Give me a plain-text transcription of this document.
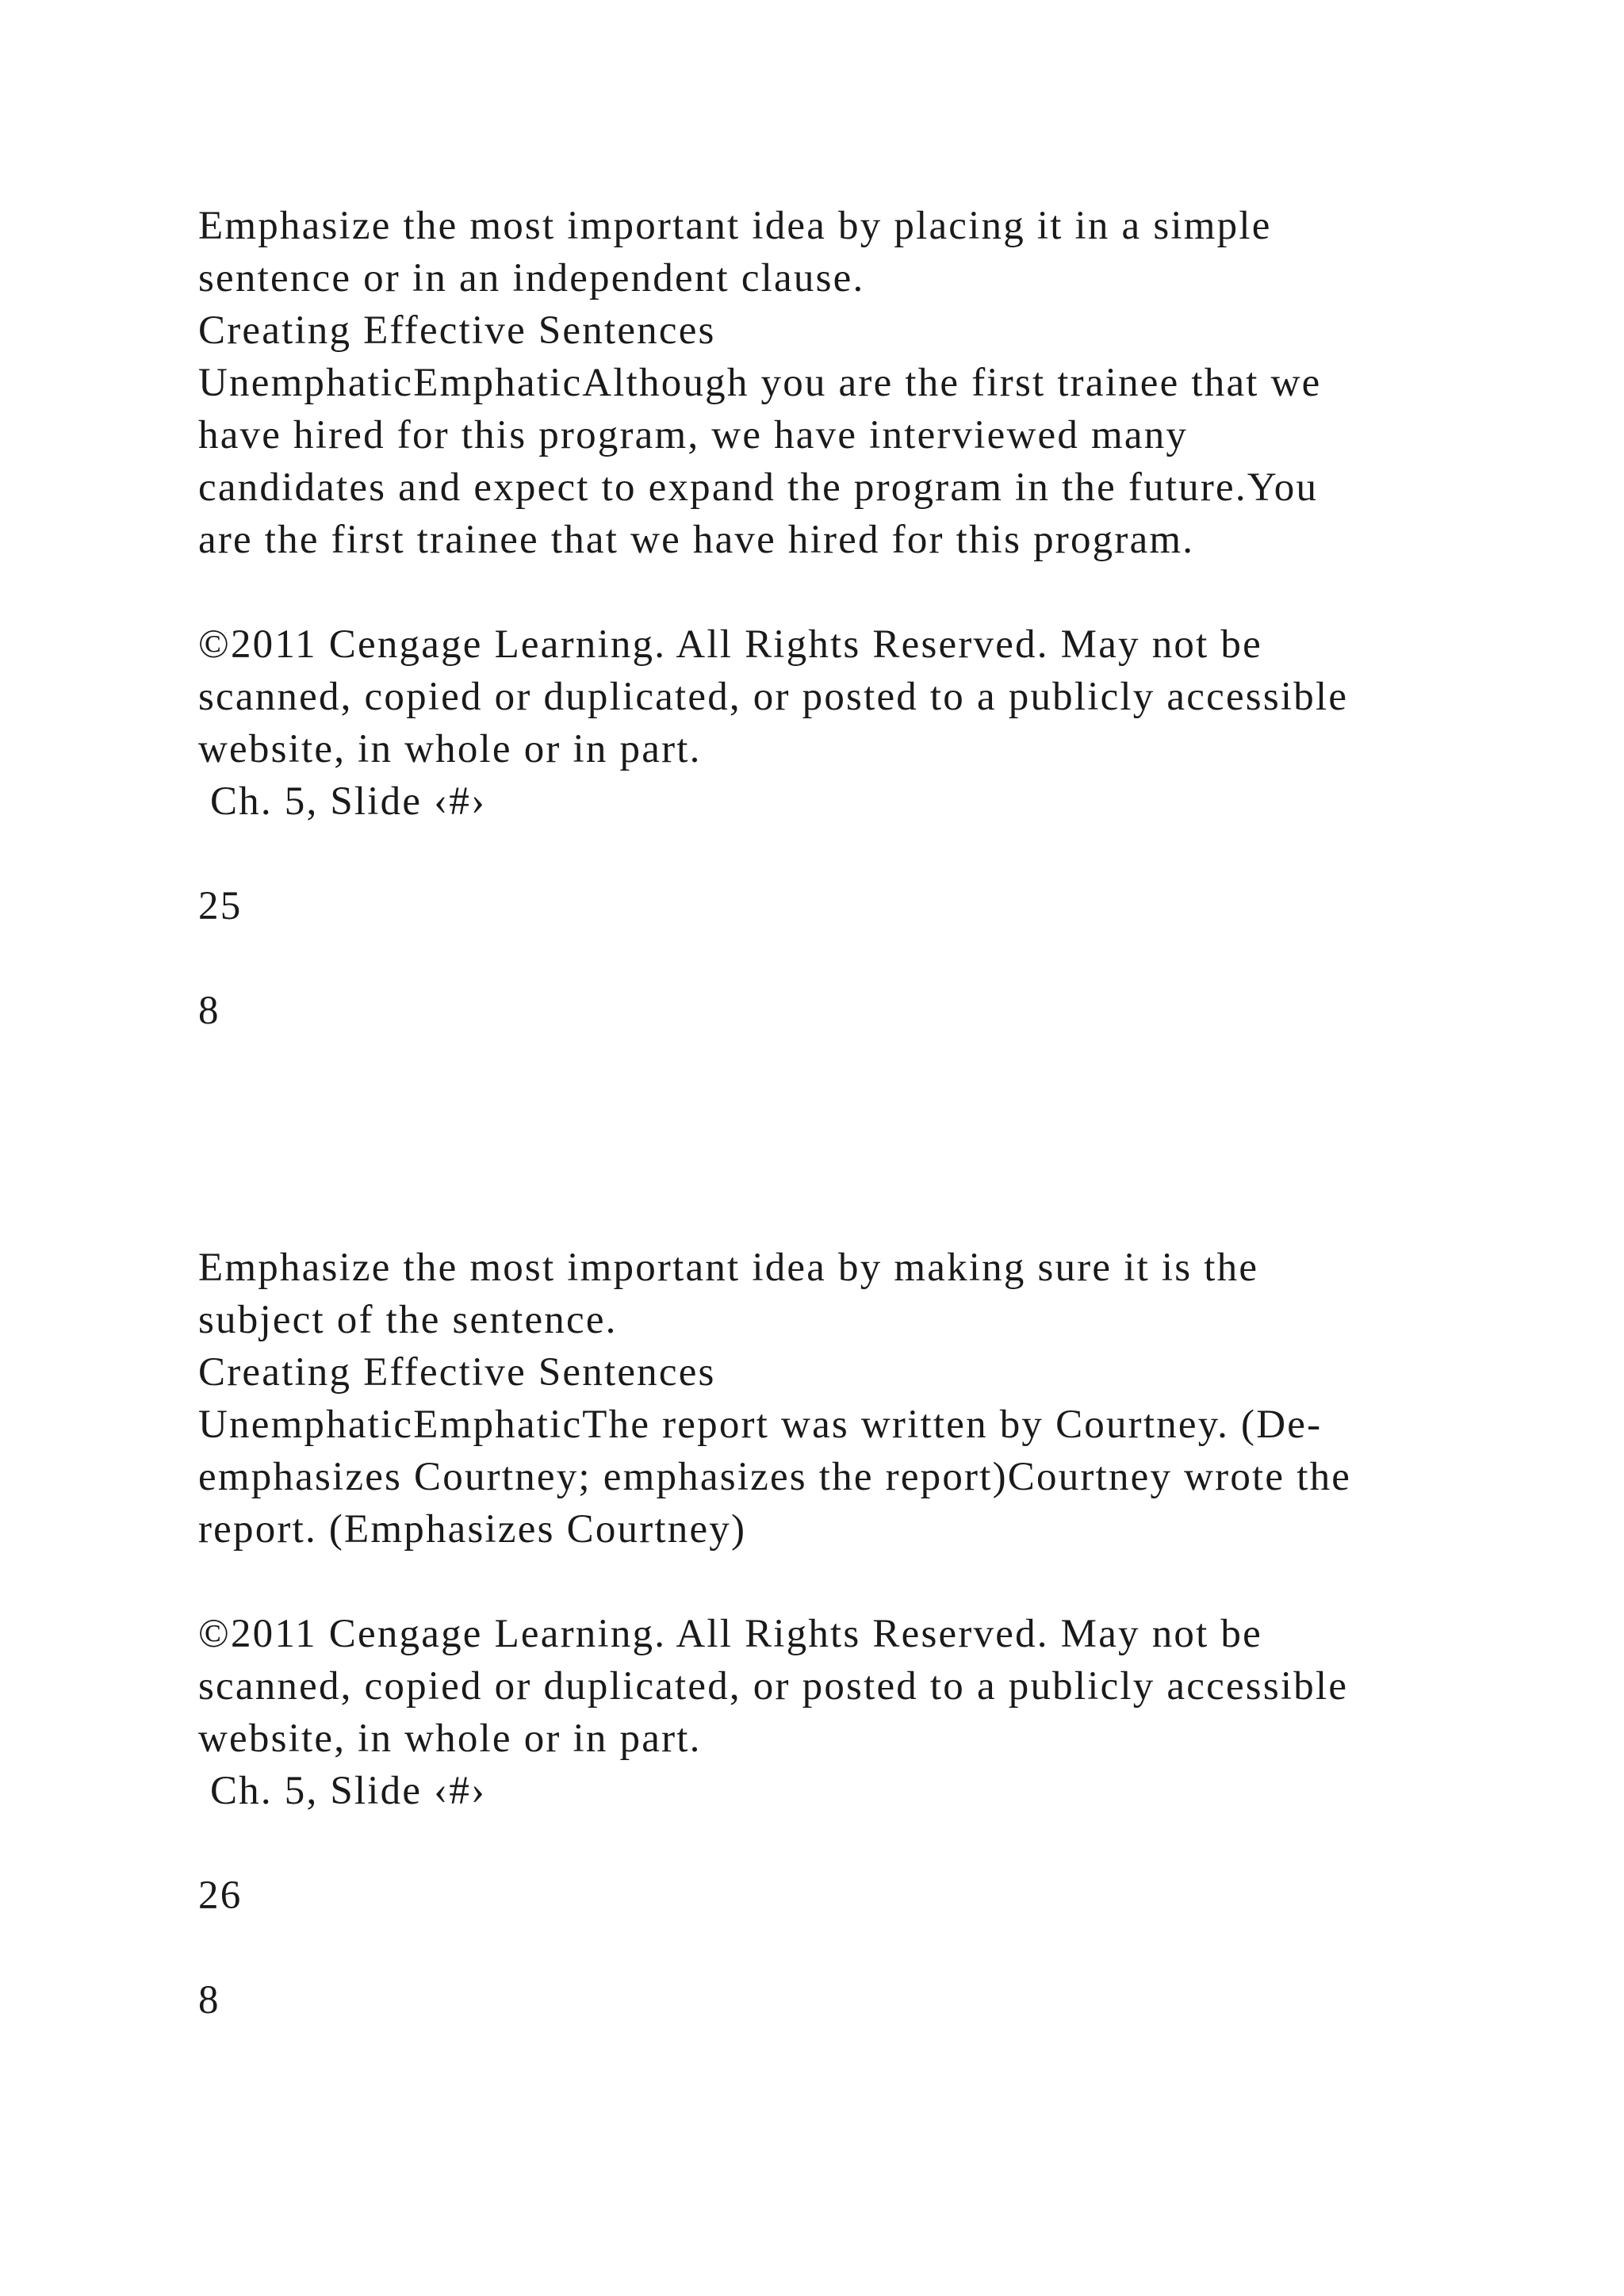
Emphasize the most important idea by placing it in a simple
sentence or in an independent clause.
Creating Effective Sentences
UnemphaticEmphaticAlthough you are the first trainee that we
have hired for this program, we have interviewed many
candidates and expect to expand the program in the future.You
are the first trainee that we have hired for this program.
©2011 Cengage Learning. All Rights Reserved. May not be
scanned, copied or duplicated, or posted to a publicly accessible
website, in whole or in part.
Ch. 5, Slide ‹#›
25
8
Emphasize the most important idea by making sure it is the
subject of the sentence.
Creating Effective Sentences
UnemphaticEmphaticThe report was written by Courtney. (De-
emphasizes Courtney; emphasizes the report)Courtney wrote the
report. (Emphasizes Courtney)
©2011 Cengage Learning. All Rights Reserved. May not be
scanned, copied or duplicated, or posted to a publicly accessible
website, in whole or in part.
Ch. 5, Slide ‹#›
26
8
